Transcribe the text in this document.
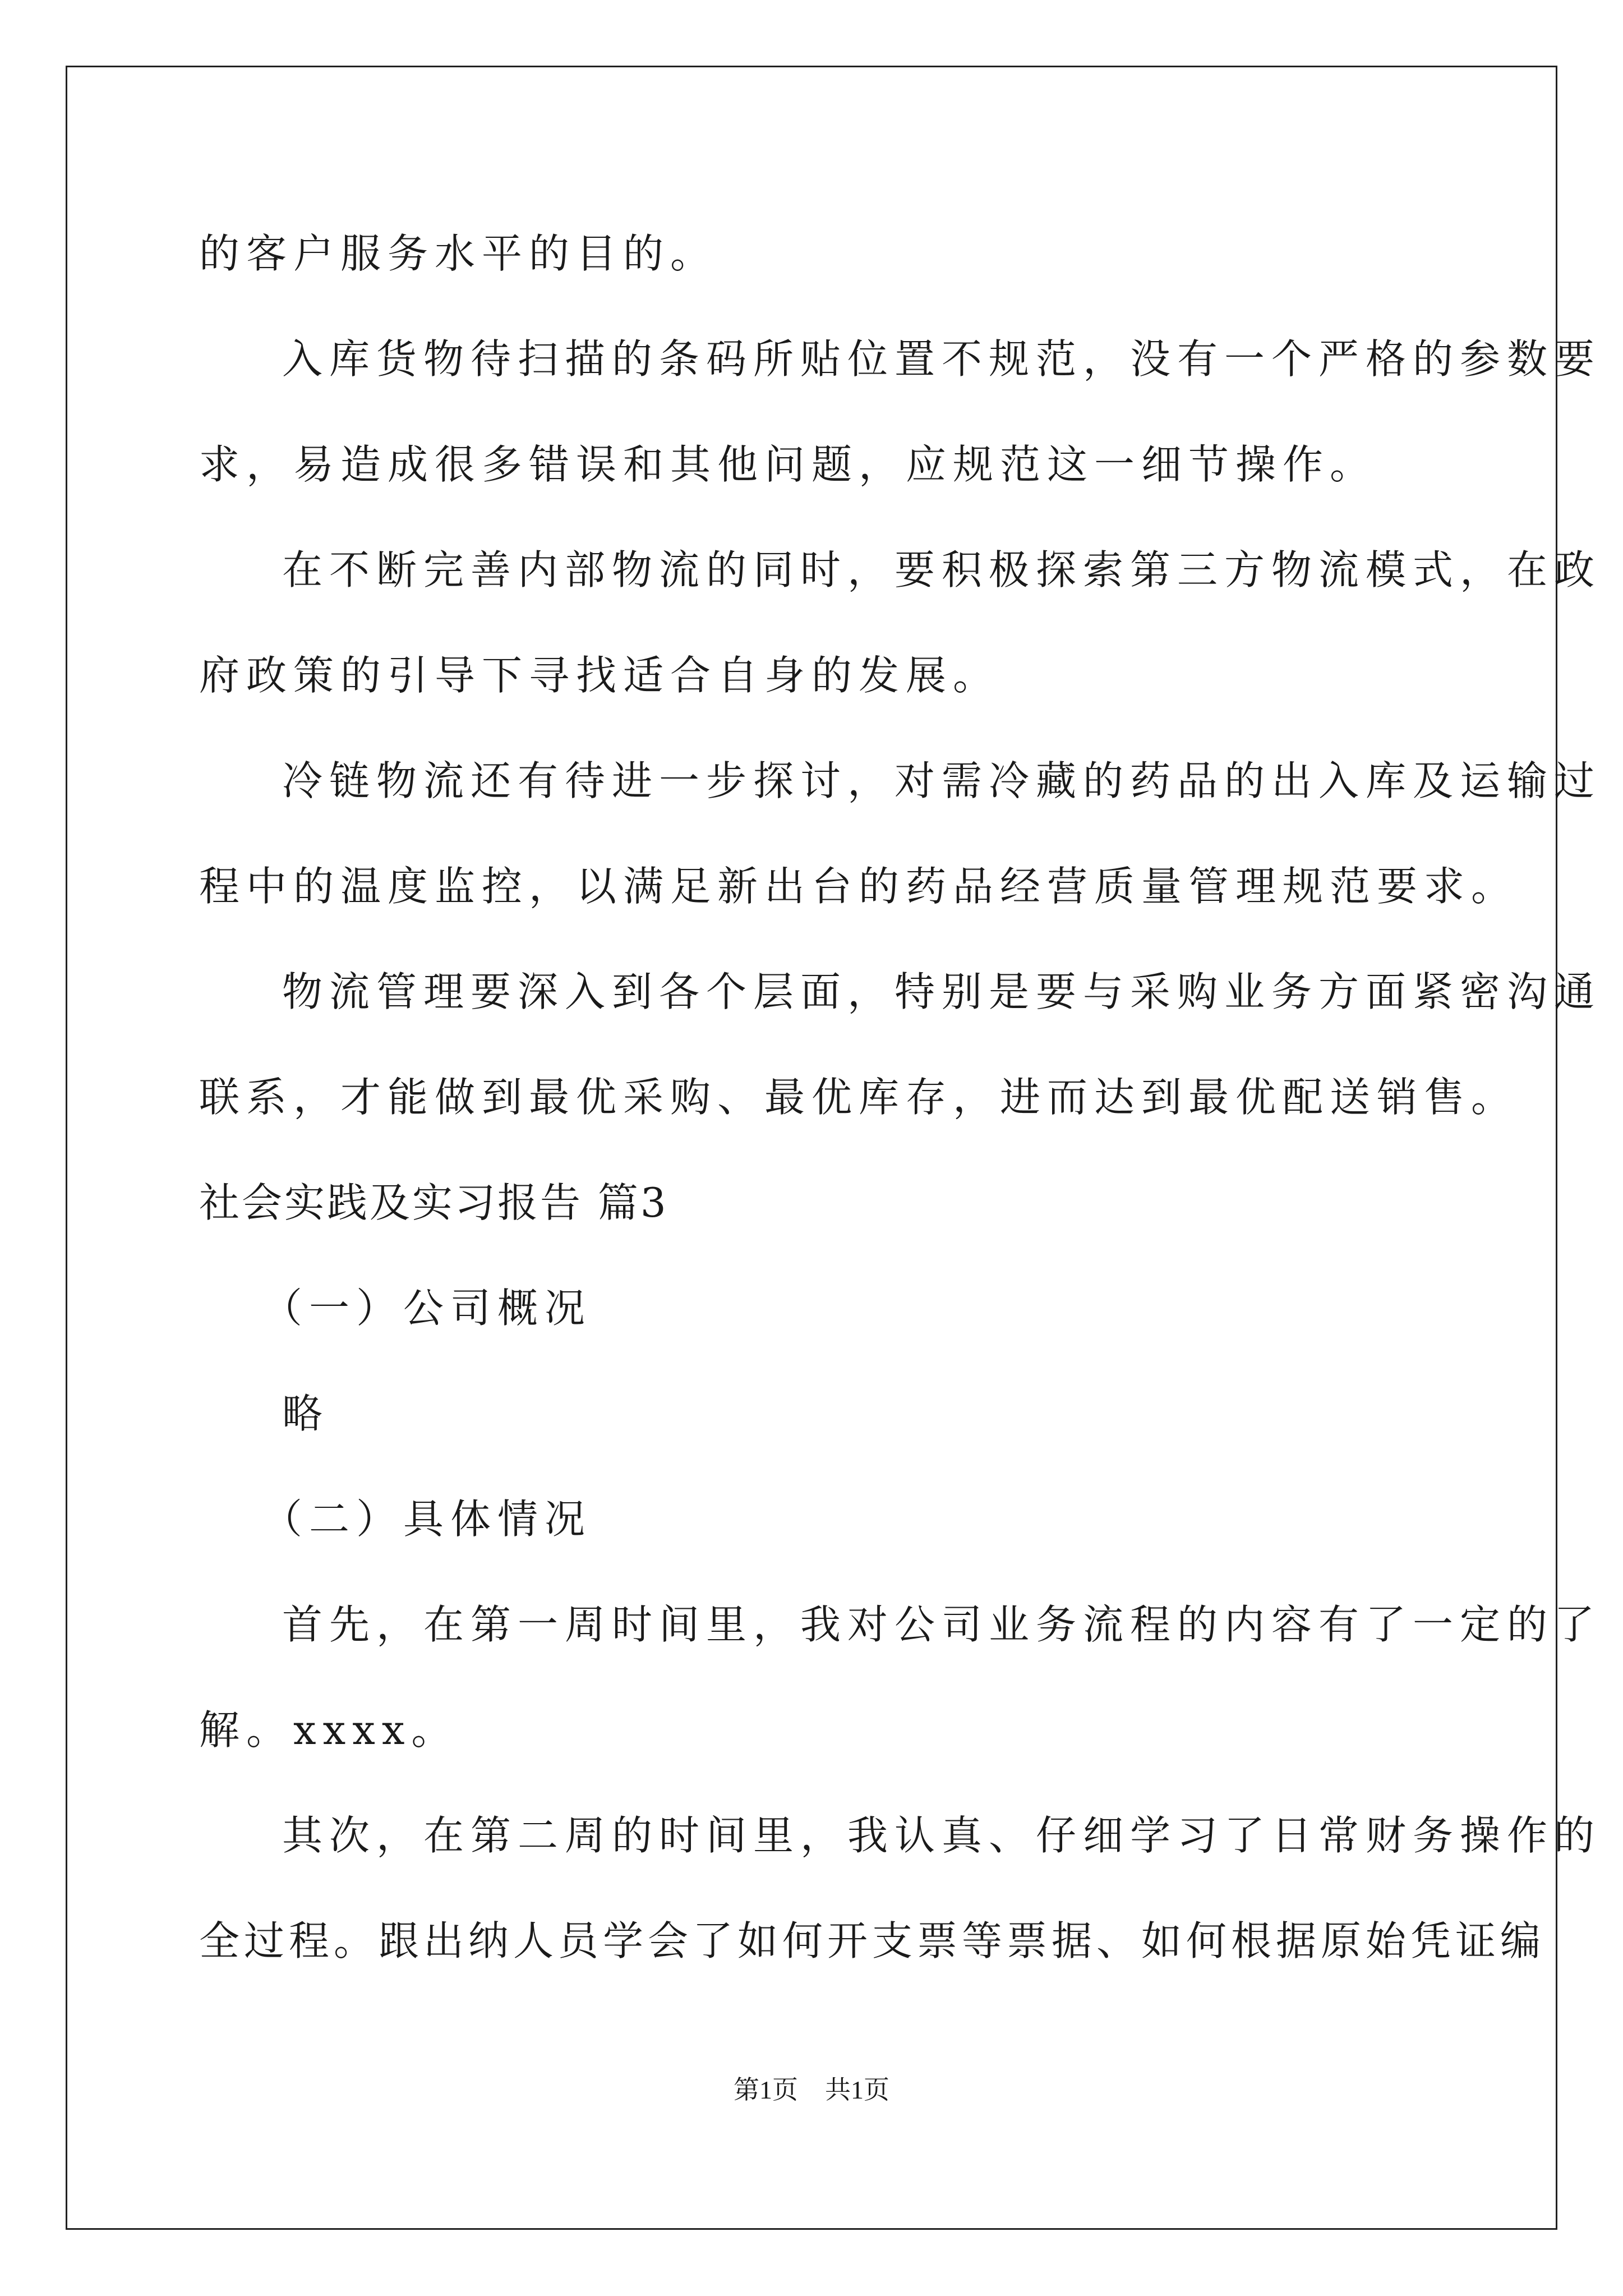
的客户服务水平的目的。
入库货物待扫描的条码所贴位置不规范，没有一个严格的参数要
求，易造成很多错误和其他问题，应规范这一细节操作。
在不断完善内部物流的同时，要积极探索第三方物流模式，在政
府政策的引导下寻找适合自身的发展。
冷链物流还有待进一步探讨，对需冷藏的药品的出入库及运输过
程中的温度监控，以满足新出台的药品经营质量管理规范要求。
物流管理要深入到各个层面，特别是要与采购业务方面紧密沟通
联系，才能做到最优采购、最优库存，进而达到最优配送销售。
社会实践及实习报告 篇3
（一）公司概况
略
（二）具体情况
首先，在第一周时间里，我对公司业务流程的内容有了一定的了
解。xxxx。
其次，在第二周的时间里，我认真、仔细学习了日常财务操作的
全过程。跟出纳人员学会了如何开支票等票据、如何根据原始凭证编
第1页 共1页
